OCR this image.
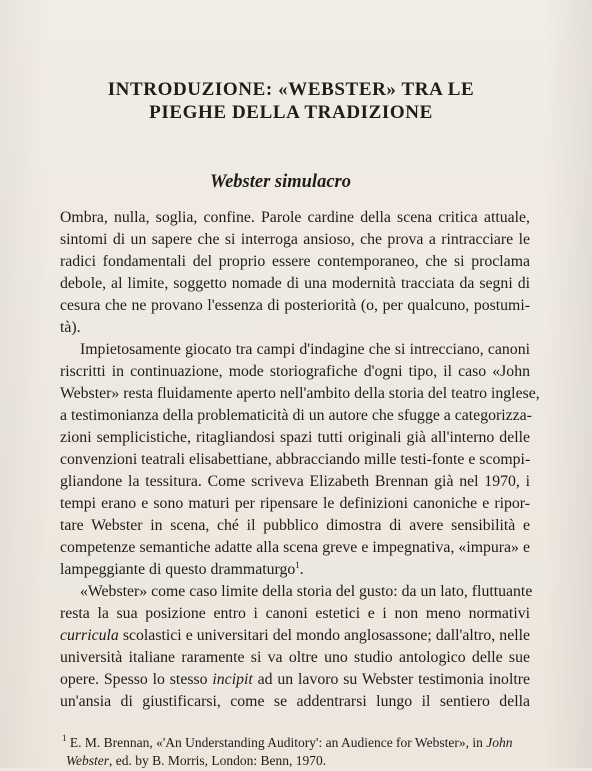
INTRODUZIONE: «WEBSTER» TRA LE
PIEGHE DELLA TRADIZIONE
Webster simulacro

Ombra, nulla, soglia, confine. Parole cardine della scena critica attuale,

sintomi di un sapere che si interroga ansioso, che prova a rintracciare le

radici fondamentali del proprio essere contemporaneo, che si proclama

debole, al limite, soggetto nomade di una modernità tracciata da segni di

cesura che ne provano l'essenza di posteriorità (o, per qualcuno, postumi-

tà).

Impietosamente giocato tra campi d'indagine che si intrecciano, canoni

riscritti in continuazione, mode storiografiche d'ogni tipo, il caso «John

Webster» resta fluidamente aperto nell'ambito della storia del teatro inglese,

a testimonianza della problematicità di un autore che sfugge a categorizza-

zioni semplicistiche, ritagliandosi spazi tutti originali già all'interno delle

convenzioni teatrali elisabettiane, abbracciando mille testi-fonte e scompi-

gliandone la tessitura. Come scriveva Elizabeth Brennan già nel 1970, i

tempi erano e sono maturi per ripensare le definizioni canoniche e ripor-

tare Webster in scena, ché il pubblico dimostra di avere sensibilità e

competenze semantiche adatte alla scena greve e impegnativa, «impura» e

lampeggiante di questo drammaturgo$^1$.

«Webster» come caso limite della storia del gusto: da un lato, fluttuante

resta la sua posizione entro i canoni estetici e i non meno normativi

curricula scolastici e universitari del mondo anglosassone; dall'altro, nelle

università italiane raramente si va oltre uno studio antologico delle sue

opere. Spesso lo stesso incipit ad un lavoro su Webster testimonia inoltre

un'ansia di giustificarsi, come se addentrarsi lungo il sentiero della

$^1$ E. M. Brennan, «'An Understanding Auditory': an Audience for Webster», in John

Webster, ed. by B. Morris, London: Benn, 1970.
